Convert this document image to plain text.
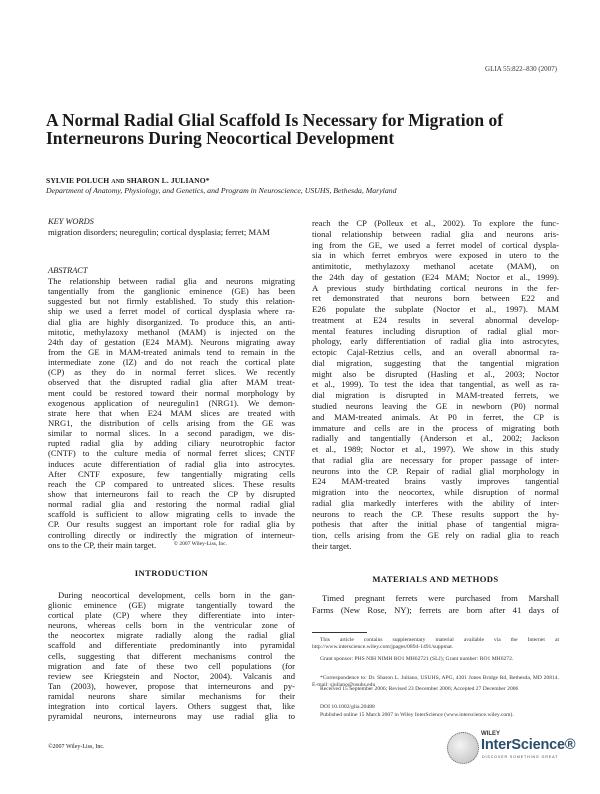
GLIA 55:822–830 (2007)
A Normal Radial Glial Scaffold Is Necessary for Migration of Interneurons During Neocortical Development
SYLVIE POLUCH AND SHARON L. JULIANO*
Department of Anatomy, Physiology, and Genetics, and Program in Neuroscience, USUHS, Bethesda, Maryland
KEY WORDS
migration disorders; neuregulin; cortical dysplasia; ferret; MAM
ABSTRACT
The relationship between radial glia and neurons migrating
tangentially from the ganglionic eminence (GE) has been
suggested but not firmly established. To study this relation-
ship we used a ferret model of cortical dysplasia where ra-
dial glia are highly disorganized. To produce this, an anti-
mitotic, methylazoxy methanol (MAM) is injected on the
24th day of gestation (E24 MAM). Neurons migrating away
from the GE in MAM-treated animals tend to remain in the
intermediate zone (IZ) and do not reach the cortical plate
(CP) as they do in normal ferret slices. We recently
observed that the disrupted radial glia after MAM treat-
ment could be restored toward their normal morphology by
exogenous application of neuregulin1 (NRG1). We demon-
strate here that when E24 MAM slices are treated with
NRG1, the distribution of cells arising from the GE was
similar to normal slices. In a second paradigm, we dis-
rupted radial glia by adding ciliary neurotrophic factor
(CNTF) to the culture media of normal ferret slices; CNTF
induces acute differentiation of radial glia into astrocytes.
After CNTF exposure, few tangentially migrating cells
reach the CP compared to untreated slices. These results
show that interneurons fail to reach the CP by disrupted
normal radial glia and restoring the normal radial glial
scaffold is sufficient to allow migrating cells to invade the
CP. Our results suggest an important role for radial glia by
controlling directly or indirectly the migration of interneur-
ons to the CP, their main target.	© 2007 Wiley-Liss, Inc.
INTRODUCTION
During neocortical development, cells born in the gan-
glionic eminence (GE) migrate tangentially toward the
cortical plate (CP) where they differentiate into inter-
neurons, whereas cells born in the ventricular zone of
the neocortex migrate radially along the radial glial
scaffold and differentiate predominantly into pyramidal
cells, suggesting that different mechanisms control the
migration and fate of these two cell populations (for
review see Kriegstein and Noctor, 2004). Valcanis and
Tan (2003), however, propose that interneurons and py-
ramidal neurons share similar mechanisms for their
integration into cortical layers. Others suggest that, like
pyramidal neurons, interneurons may use radial glia to
reach the CP (Polleux et al., 2002). To explore the func-
tional relationship between radial glia and neurons aris-
ing from the GE, we used a ferret model of cortical dyspla-
sia in which ferret embryos were exposed in utero to the
antimitotic, methylazoxy methanol acetate (MAM), on
the 24th day of gestation (E24 MAM; Noctor et al., 1999).
A previous study birthdating cortical neurons in the fer-
ret demonstrated that neurons born between E22 and
E26 populate the subplate (Noctor et al., 1997). MAM
treatment at E24 results in several abnormal develop-
mental features including disruption of radial glial mor-
phology, early differentiation of radial glia into astrocytes,
ectopic Cajal-Retzius cells, and an overall abnormal ra-
dial migration, suggesting that the tangential migration
might also be disrupted (Hasling et al., 2003; Noctor
et al., 1999). To test the idea that tangential, as well as ra-
dial migration is disrupted in MAM-treated ferrets, we
studied neurons leaving the GE in newborn (P0) normal
and MAM-treated animals. At P0 in ferret, the CP is
immature and cells are in the process of migrating both
radially and tangentially (Anderson et al., 2002; Jackson
et al., 1989; Noctor et al., 1997). We show in this study
that radial glia are necessary for proper passage of inter-
neurons into the CP. Repair of radial glial morphology in
E24 MAM-treated brains vastly improves tangential
migration into the neocortex, while disruption of normal
radial glia markedly interferes with the ability of inter-
neurons to reach the CP. These results support the hy-
pothesis that after the initial phase of tangential migra-
tion, cells arising from the GE rely on radial glia to reach
their target.
MATERIALS AND METHODS
Timed pregnant ferrets were purchased from Marshall
Farms (New Rose, NY); ferrets are born after 41 days of

This article contains supplementary material available via the Internet at http://www.interscience.wiley.com/jpages/0894-1491/suppmat.

Grant sponsor: PHS NIH NIMH RO1 MH62721 (SLJ); Grant number: RO1 MH6272.

*Correspondence to: Dr. Sharon L. Juliano, USUHS, APG, 4301 Jones Bridge Rd, Bethesda, MD 20814. E-mail: sjuliano@usuhs.edu

Received 15 September 2006; Revised 23 December 2006; Accepted 27 December 2006

DOI 10.1002/glia.20488

Published online 15 March 2007 in Wiley InterScience (www.interscience.wiley.com).

©2007 Wiley-Liss, Inc.
WILEY
InterScience®
DISCOVER SOMETHING GREAT
